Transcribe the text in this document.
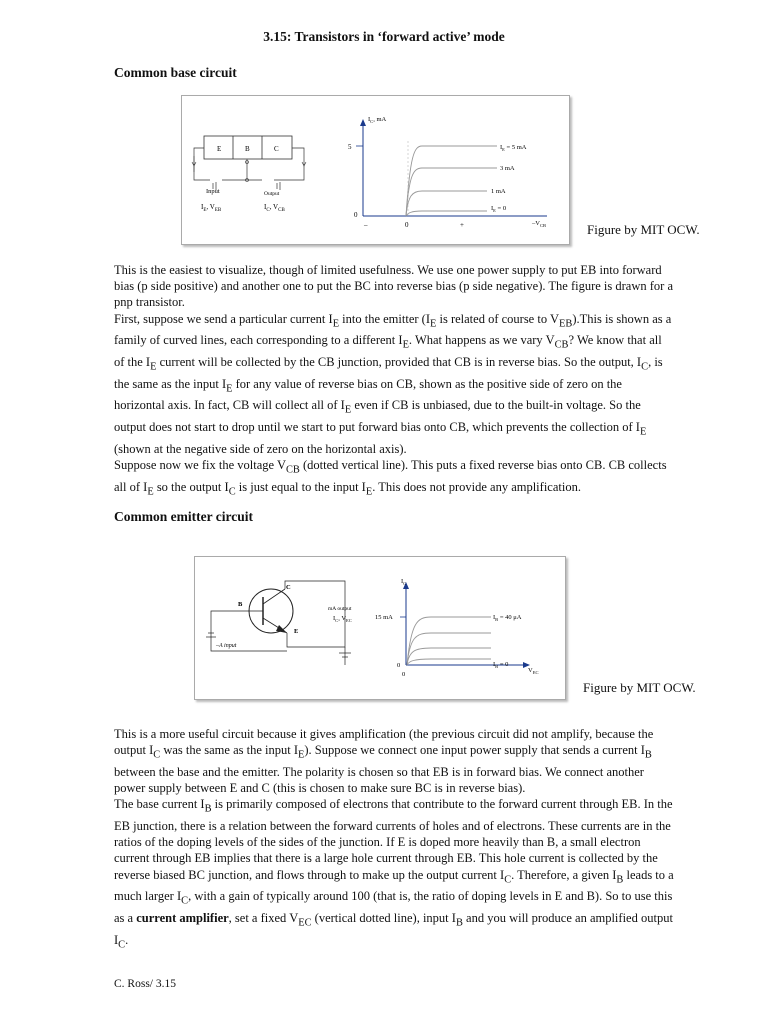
3.15: Transistors in ‘forward active’ mode
Common base circuit
E	B	C
Input	Output
$I_E$, $V_{EB}$	$I_C$, $V_{CB}$
$I_C$, mA
5
0
–	0	+	$-V_{CB}$
$I_E = 5$ mA
3 mA
1 mA
$I_E = 0$
Figure by MIT OCW.

This is the easiest to visualize, though of limited usefulness. We use one power supply to put EB into forward bias (p side positive) and another one to put the BC into reverse bias (p side negative). The figure is drawn for a pnp transistor.

First, suppose we send a particular current $I_E$ into the emitter ($I_E$ is related of course to $V_{EB}).This$ is shown as a family of curved lines, each corresponding to a different $I_E$. What happens as we vary $V_{CB}$? We know that all of the $I_E$ current will be collected by the CB junction, provided that CB is in reverse bias. So the output, $I_C$, is the same as the input $I_E$ for any value of reverse bias on CB, shown as the positive side of zero on the horizontal axis. In fact, CB will collect all of $I_E$ even if CB is unbiased, due to the built-in voltage. So the output does not start to drop until we start to put forward bias onto CB, which prevents the collection of $I_E$ (shown at the negative side of zero on the horizontal axis).

Suppose now we fix the voltage $V_{CB}$ (dotted vertical line). This puts a fixed reverse bias onto CB. CB collects all of $I_E$ so the output $I_C$ is just equal to the input $I_E$. This does not provide any amplification.

Common emitter circuit
C
B
E
–A input
mA output
$I_C$, $V_{EC}$
$I_C$
15 mA
0
0
$V_{EC}$
$I_B = 40$ μA
$I_B = 0$
Figure by MIT OCW.

This is a more useful circuit because it gives amplification (the previous circuit did not amplify, because the output $I_C$ was the same as the input $I_E$). Suppose we connect one input power supply that sends a current $I_B$ between the base and the emitter. The polarity is chosen so that EB is in forward bias. We connect another power supply between E and C (this is chosen to make sure BC is in reverse bias).

The base current $I_B$ is primarily composed of electrons that contribute to the forward current through EB. In the EB junction, there is a relation between the forward currents of holes and of electrons. These currents are in the ratios of the doping levels of the sides of the junction. If E is doped more heavily than B, a small electron current through EB implies that there is a large hole current through EB. This hole current is collected by the reverse biased BC junction, and flows through to make up the output current $I_C$. Therefore, a given $I_B$ leads to a much larger $I_C$, with a gain of typically around 100 (that is, the ratio of doping levels in E and B). So to use this as a current amplifier, set a fixed $V_{EC}$ (vertical dotted line), input $I_B$ and you will produce an amplified output $I_C$.

C. Ross/ 3.15
